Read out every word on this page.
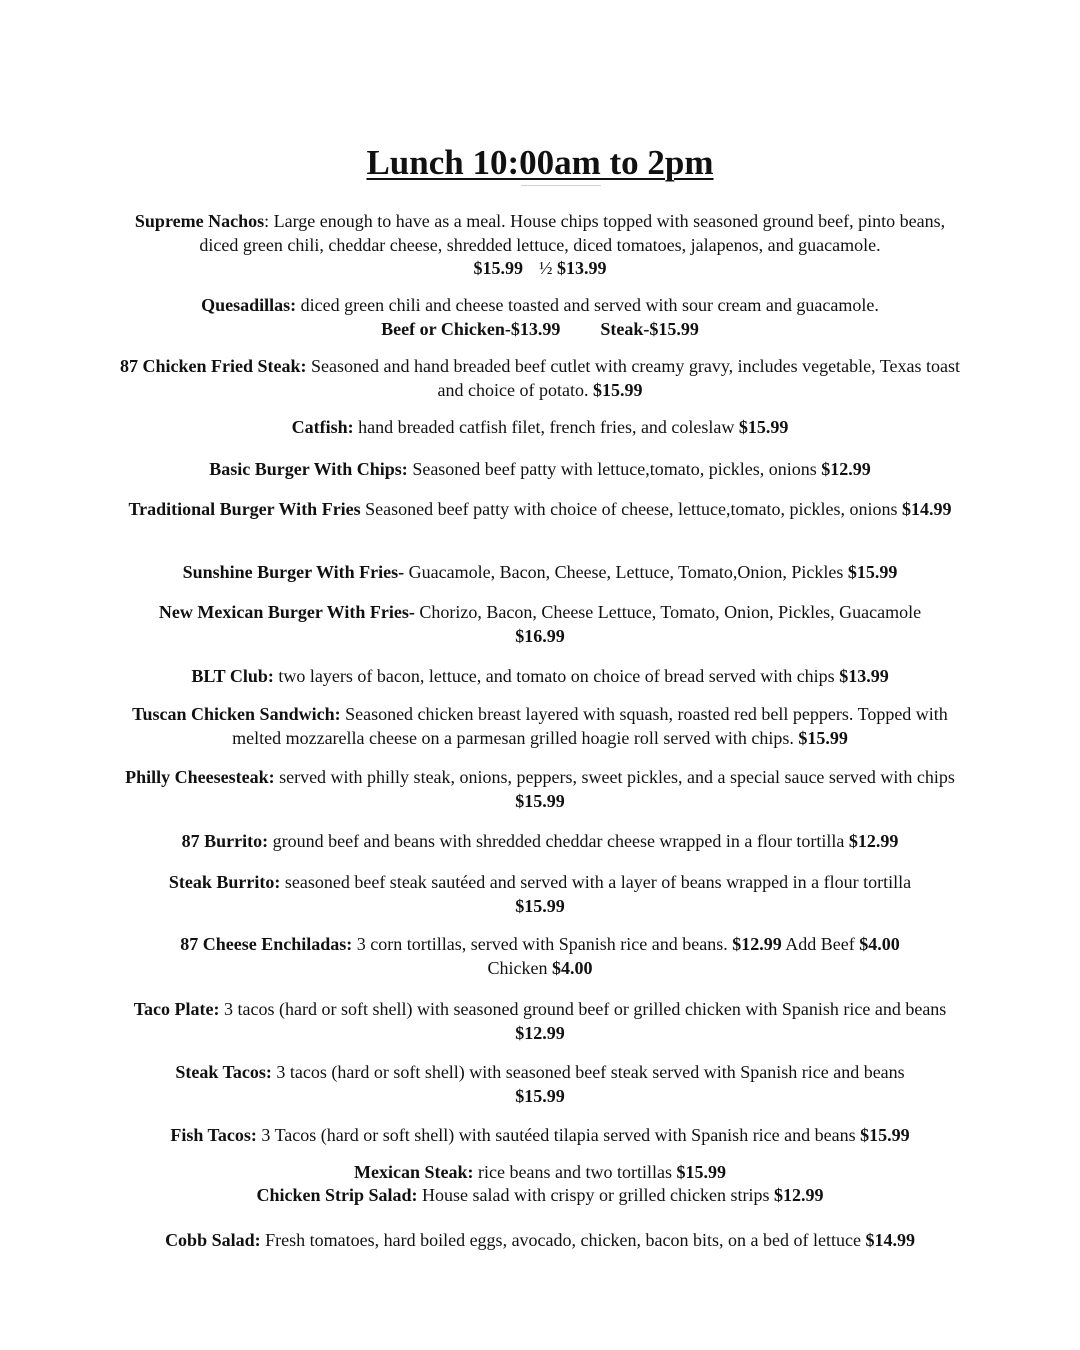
Lunch 10:00am to 2pm
Supreme Nachos: Large enough to have as a meal. House chips topped with seasoned ground beef, pinto beans, diced green chili, cheddar cheese, shredded lettuce, diced tomatoes, jalapenos, and guacamole.
$15.99 ½ $13.99
Quesadillas: diced green chili and cheese toasted and served with sour cream and guacamole.
Beef or Chicken-$13.99 Steak-$15.99
87 Chicken Fried Steak: Seasoned and hand breaded beef cutlet with creamy gravy, includes vegetable, Texas toast and choice of potato. $15.99
Catfish: hand breaded catfish filet, french fries, and coleslaw $15.99
Basic Burger With Chips: Seasoned beef patty with lettuce,tomato, pickles, onions $12.99
Traditional Burger With Fries Seasoned beef patty with choice of cheese, lettuce,tomato, pickles, onions $14.99
Sunshine Burger With Fries- Guacamole, Bacon, Cheese, Lettuce, Tomato,Onion, Pickles $15.99
New Mexican Burger With Fries- Chorizo, Bacon, Cheese Lettuce, Tomato, Onion, Pickles, Guacamole
$16.99
BLT Club: two layers of bacon, lettuce, and tomato on choice of bread served with chips $13.99
Tuscan Chicken Sandwich: Seasoned chicken breast layered with squash, roasted red bell peppers. Topped with melted mozzarella cheese on a parmesan grilled hoagie roll served with chips. $15.99
Philly Cheesesteak: served with philly steak, onions, peppers, sweet pickles, and a special sauce served with chips $15.99
87 Burrito: ground beef and beans with shredded cheddar cheese wrapped in a flour tortilla $12.99
Steak Burrito: seasoned beef steak sautéed and served with a layer of beans wrapped in a flour tortilla
$15.99
87 Cheese Enchiladas: 3 corn tortillas, served with Spanish rice and beans. $12.99 Add Beef $4.00
Chicken $4.00
Taco Plate: 3 tacos (hard or soft shell) with seasoned ground beef or grilled chicken with Spanish rice and beans $12.99
Steak Tacos: 3 tacos (hard or soft shell) with seasoned beef steak served with Spanish rice and beans
$15.99
Fish Tacos: 3 Tacos (hard or soft shell) with sautéed tilapia served with Spanish rice and beans $15.99
Mexican Steak: rice beans and two tortillas $15.99
Chicken Strip Salad: House salad with crispy or grilled chicken strips $12.99
Cobb Salad: Fresh tomatoes, hard boiled eggs, avocado, chicken, bacon bits, on a bed of lettuce $14.99
